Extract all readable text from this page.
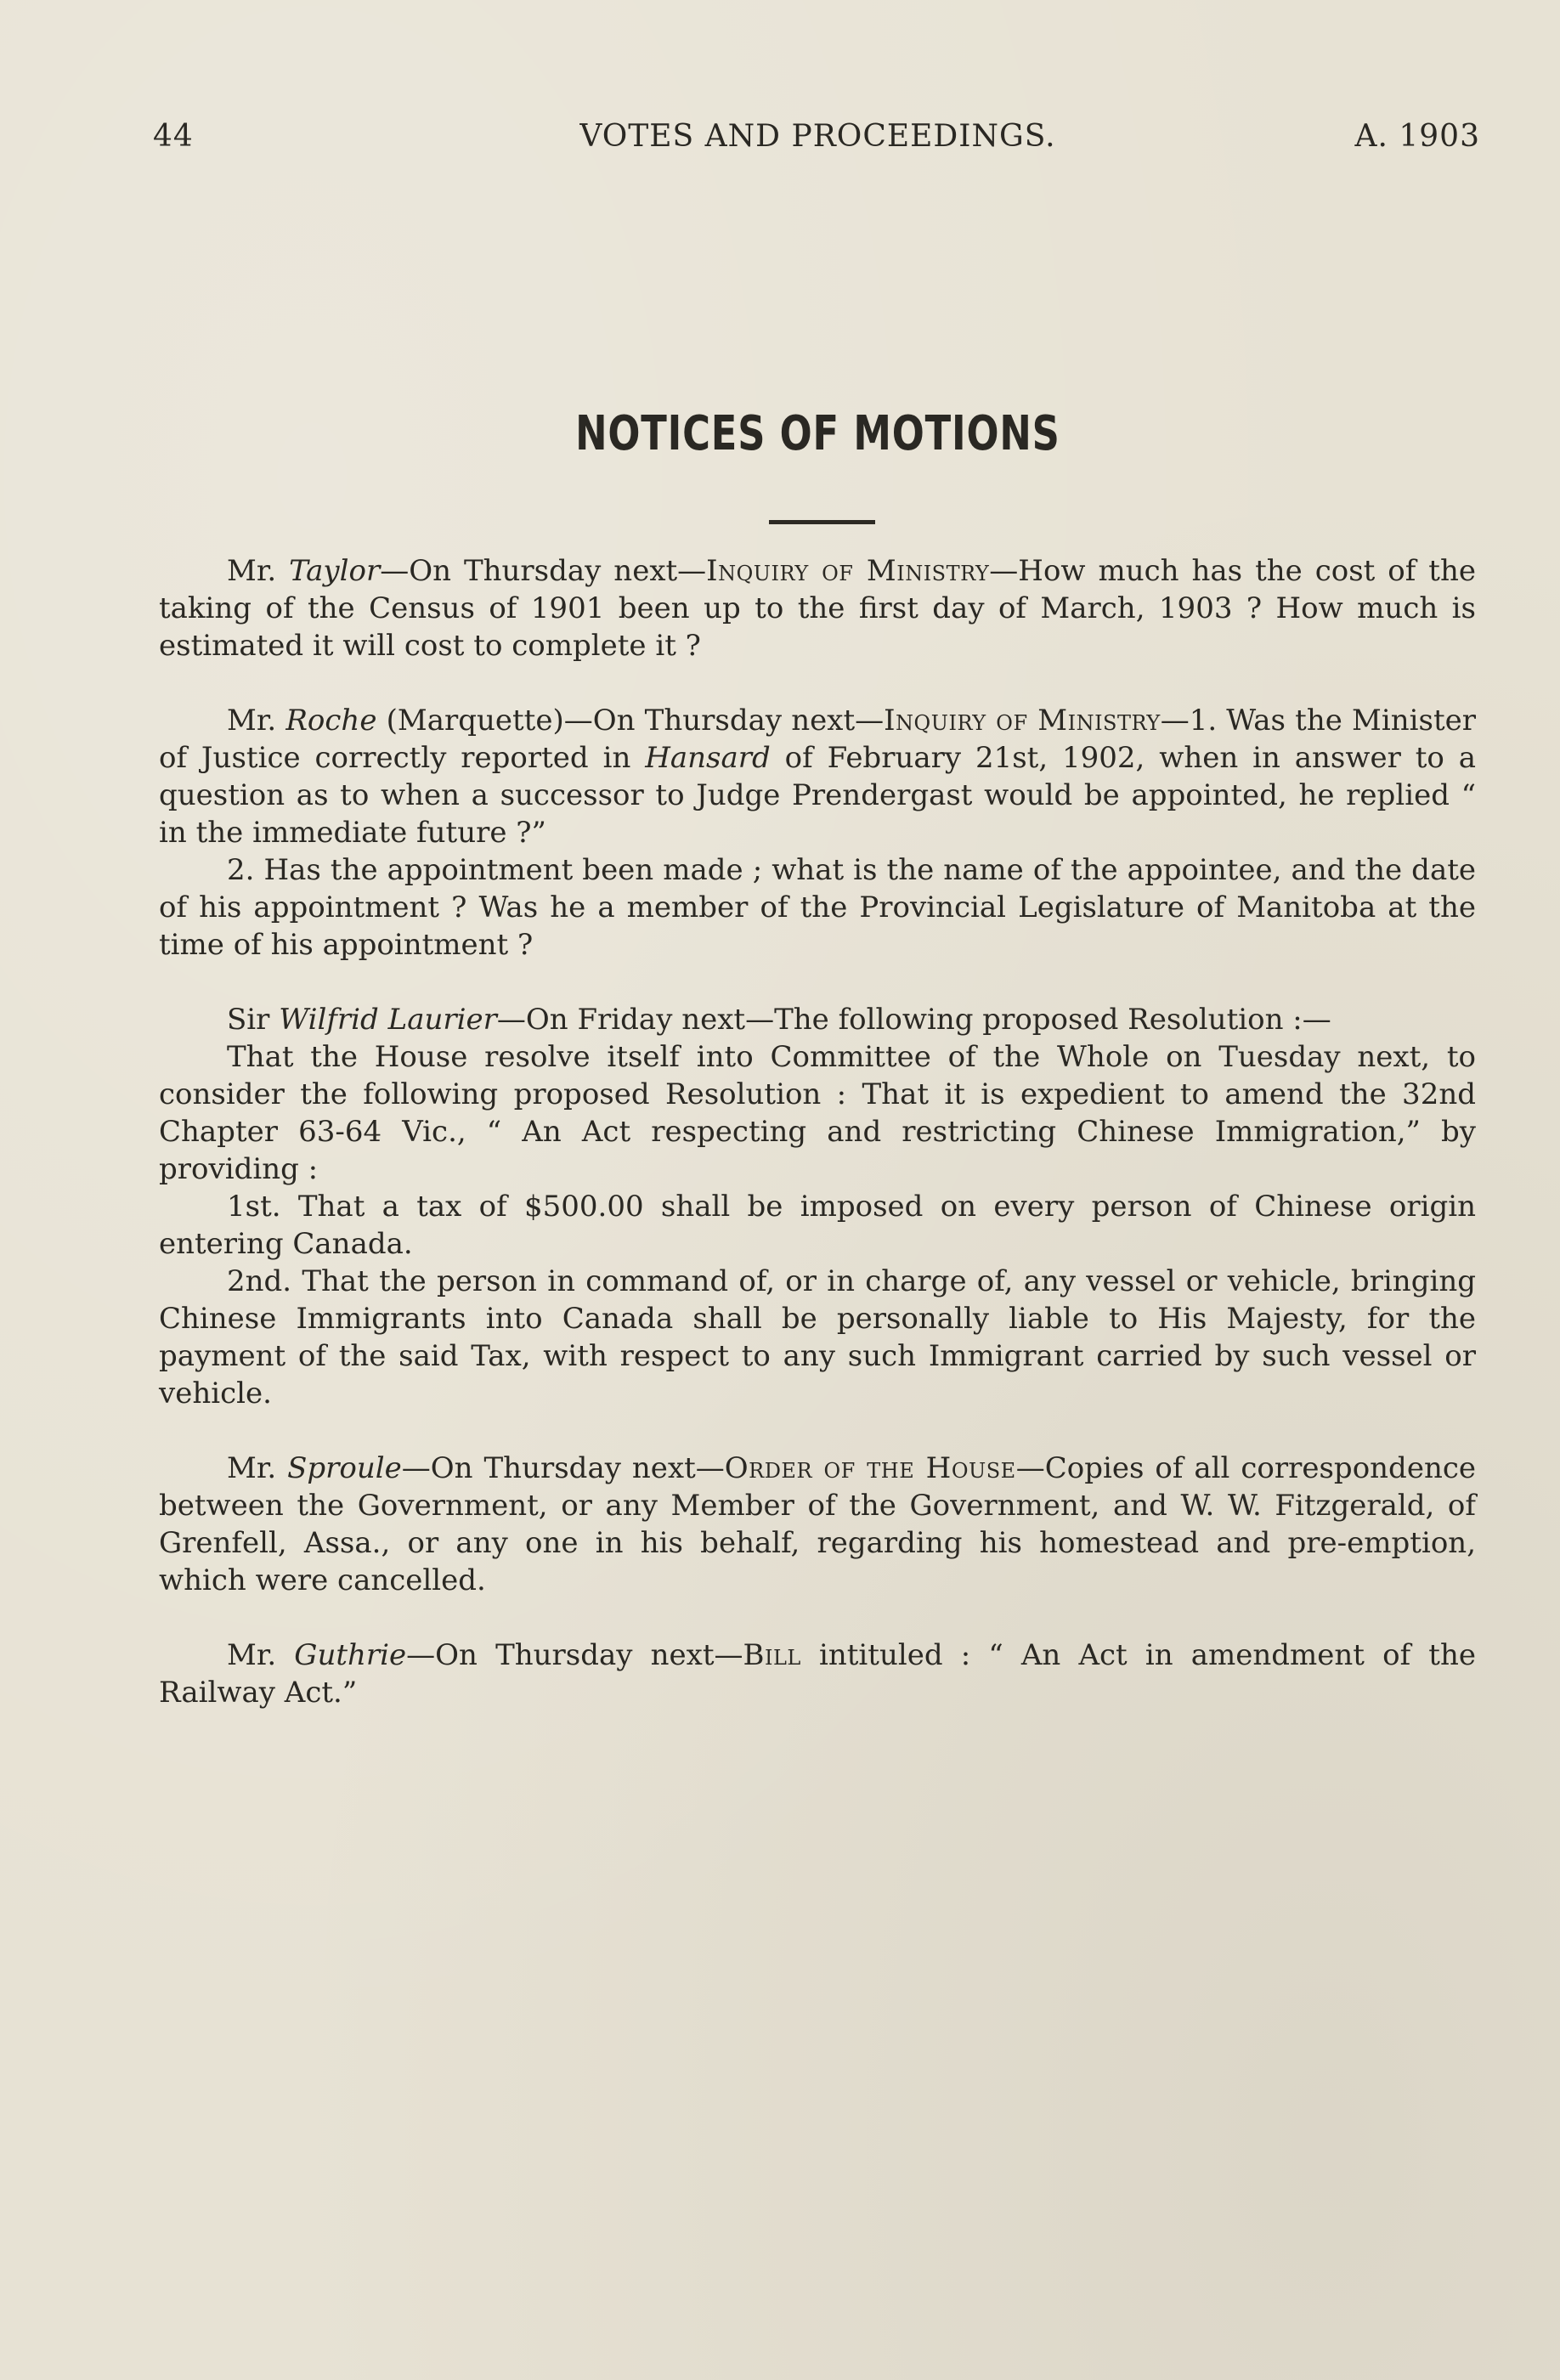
44	VOTES AND PROCEEDINGS.	A. 1903
NOTICES OF MOTIONS

Mr. Taylor—On Thursday next—Inquiry of Ministry—How much has the cost of the taking of the Census of 1901 been up to the first day of March, 1903 ? How much is estimated it will cost to complete it ?

Mr. Roche (Marquette)—On Thursday next—Inquiry of Ministry—1. Was the Minister of Justice correctly reported in Hansard of February 21st, 1902, when in answer to a question as to when a successor to Judge Prendergast would be appointed, he replied “ in the immediate future ?”

2. Has the appointment been made ; what is the name of the appointee, and the date of his appointment ? Was he a member of the Provincial Legislature of Manitoba at the time of his appointment ?

Sir Wilfrid Laurier—On Friday next—The following proposed Resolution :—

That the House resolve itself into Committee of the Whole on Tuesday next, to consider the following proposed Resolution : That it is expedient to amend the 32nd Chapter 63-64 Vic., “ An Act respecting and restricting Chinese Immigration,” by providing :

1st. That a tax of $500.00 shall be imposed on every person of Chinese origin entering Canada.

2nd. That the person in command of, or in charge of, any vessel or vehicle, bringing Chinese Immigrants into Canada shall be personally liable to His Majesty, for the payment of the said Tax, with respect to any such Immigrant carried by such vessel or vehicle.

Mr. Sproule—On Thursday next—Order of the House—Copies of all correspondence between the Government, or any Member of the Government, and W. W. Fitzgerald, of Grenfell, Assa., or any one in his behalf, regarding his homestead and pre-emption, which were cancelled.

Mr. Guthrie—On Thursday next—Bill intituled : “ An Act in amendment of the Railway Act.”
